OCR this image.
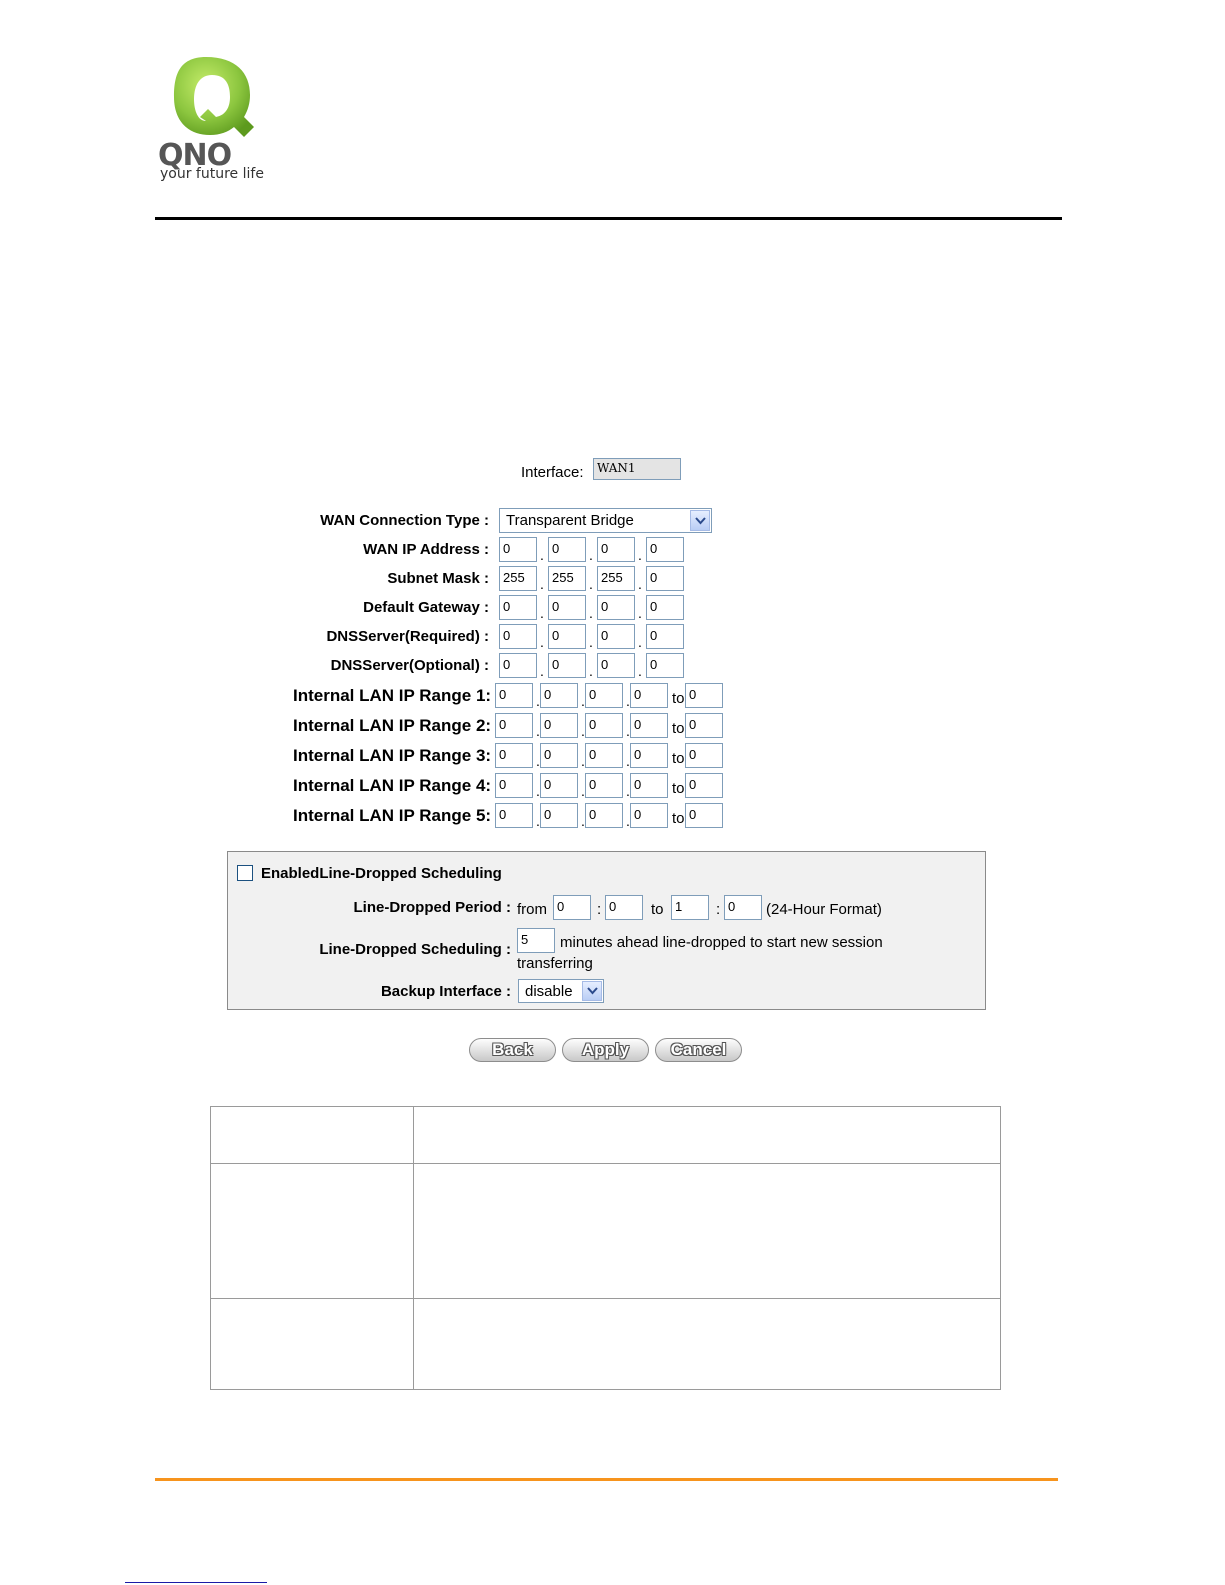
QNO
your future life
Interface:	WAN1
WAN Connection Type : Transparent Bridge
WAN IP Address :	0	. 0	. 0	. 0
Subnet Mask :	255	. 255	. 255	. 0
Default Gateway :	0	. 0	. 0	. 0
DNSServer(Required) :	0	. 0	. 0	. 0
DNSServer(Optional) :	0	. 0	. 0	. 0
Internal LAN IP Range 1: 0	. 0	. 0	. 0	to 0
Internal LAN IP Range 2: 0	. 0	. 0	. 0	to 0
Internal LAN IP Range 3: 0	. 0	. 0	. 0	to 0
Internal LAN IP Range 4: 0	. 0	. 0	. 0	to 0
Internal LAN IP Range 5: 0	. 0	. 0	. 0	to 0
EnabledLine-Dropped Scheduling
Line-Dropped Period : from 0	: 0	to 1	: 0	(24-Hour Format)
Line-Dropped Scheduling :
5	minutes ahead line-dropped to start new session
transferring
Backup Interface : disable
Back	Apply	Cancel
